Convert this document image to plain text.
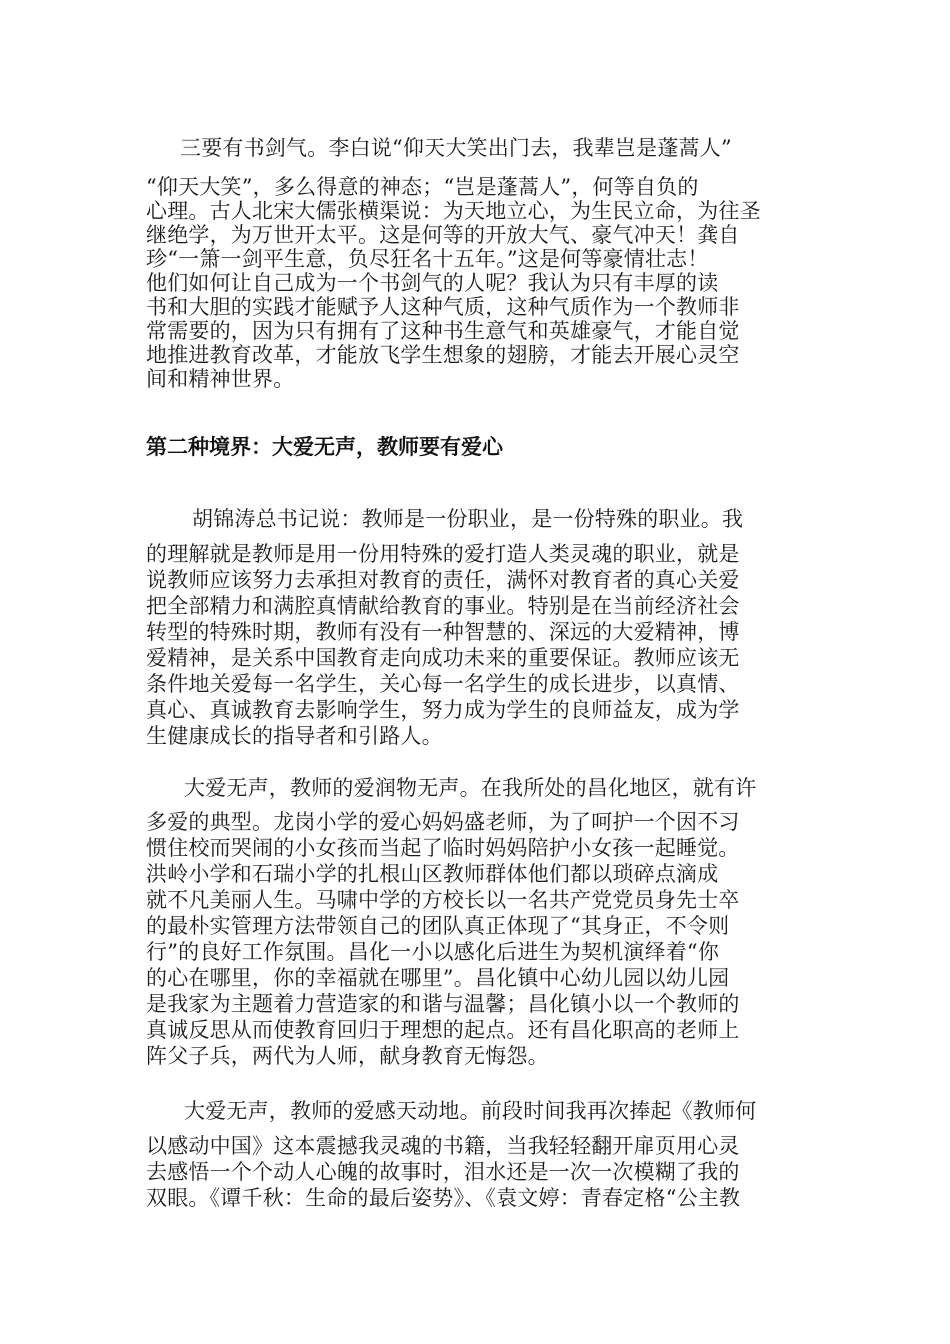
三要有书剑气。李白说“仰天大笑出门去，我辈岂是蓬蒿人”
“仰天大笑”，多么得意的神态；“岂是蓬蒿人”，何等自负的
心理。古人北宋大儒张横渠说：为天地立心，为生民立命，为往圣
继绝学，为万世开太平。这是何等的开放大气、豪气冲天！龚自
珍“一箫一剑平生意，负尽狂名十五年。”这是何等豪情壮志！
他们如何让自己成为一个书剑气的人呢？我认为只有丰厚的读
书和大胆的实践才能赋予人这种气质，这种气质作为一个教师非
常需要的，因为只有拥有了这种书生意气和英雄豪气，才能自觉
地推进教育改革，才能放飞学生想象的翅膀，才能去开展心灵空
间和精神世界。
第二种境界：大爱无声，教师要有爱心
胡锦涛总书记说：教师是一份职业，是一份特殊的职业。我
的理解就是教师是用一份用特殊的爱打造人类灵魂的职业，就是
说教师应该努力去承担对教育的责任，满怀对教育者的真心关爱
把全部精力和满腔真情献给教育的事业。特别是在当前经济社会
转型的特殊时期，教师有没有一种智慧的、深远的大爱精神，博
爱精神，是关系中国教育走向成功未来的重要保证。教师应该无
条件地关爱每一名学生，关心每一名学生的成长进步，以真情、
真心、真诚教育去影响学生，努力成为学生的良师益友，成为学
生健康成长的指导者和引路人。
大爱无声，教师的爱润物无声。在我所处的昌化地区，就有许
多爱的典型。龙岗小学的爱心妈妈盛老师，为了呵护一个因不习
惯住校而哭闹的小女孩而当起了临时妈妈陪护小女孩一起睡觉。
洪岭小学和石瑞小学的扎根山区教师群体他们都以琐碎点滴成
就不凡美丽人生。马啸中学的方校长以一名共产党党员身先士卒
的最朴实管理方法带领自己的团队真正体现了“其身正，不令则
行”的良好工作氛围。昌化一小以感化后进生为契机演绎着“你
的心在哪里，你的幸福就在哪里”。昌化镇中心幼儿园以幼儿园
是我家为主题着力营造家的和谐与温馨；昌化镇小以一个教师的
真诚反思从而使教育回归于理想的起点。还有昌化职高的老师上
阵父子兵，两代为人师，献身教育无悔怨。
大爱无声，教师的爱感天动地。前段时间我再次捧起《教师何
以感动中国》这本震撼我灵魂的书籍，当我轻轻翻开扉页用心灵
去感悟一个个动人心魄的故事时，泪水还是一次一次模糊了我的
双眼。《谭千秋：生命的最后姿势》、《袁文婷：青春定格“公主教
